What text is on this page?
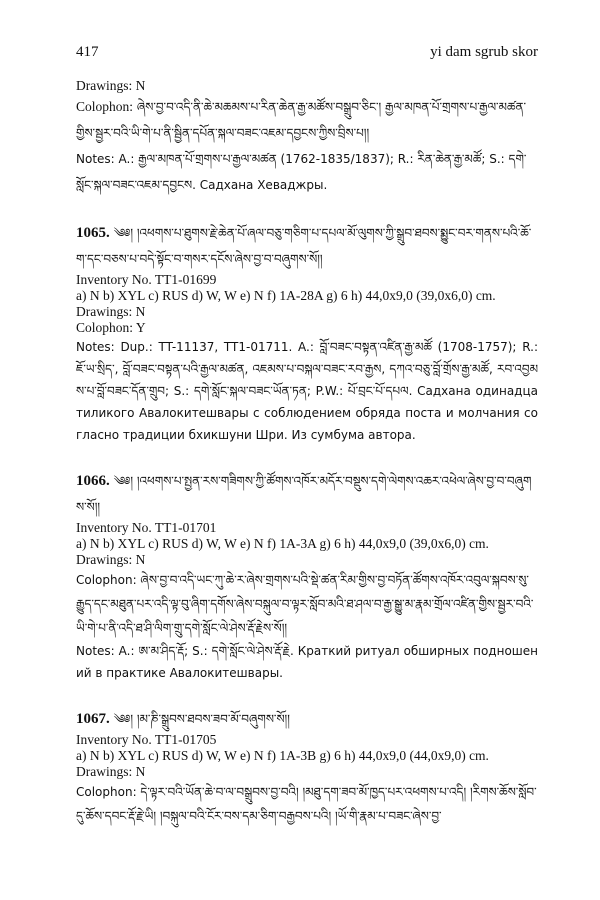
417	yi dam sgrub skor

Drawings: N

Colophon: ཞེས་བྱ་བ་འདི་ནི་ཆེ་མཆམས་པ་རིན་ཆེན་རྒྱ་མཚོས་བསྒྲུབ་ཅིང༌། རྒྱལ་མཁན་པོ་གྲགས་པ་རྒྱལ་མཚན་གྱིས་སྦྱར་བའི་ཡི་གེ་པ་ནི་སྦྱིན་དཔོན་སྐལ་བཟང་འཇམ་དབྱངས་ཀྱིས་བྲིས་པ།།

Notes: A.: རྒྱལ་མཁན་པོ་གྲགས་པ་རྒྱལ་མཚན (1762-1835/1837); R.: རིན་ཆེན་རྒྱ་མཚོ; S.: དགེ་

སློང་སྐལ་བཟང་འཇམ་དབྱངས. Садхана Хеваджры.

1065. ༄༅། །འཕགས་པ་ཐུགས་རྗེ་ཆེན་པོ་ཞལ་བཅུ་གཅིག་པ་དཔལ་མོ་ལུགས་ཀྱི་སྒྲུབ་ཐབས་སྨྱུང་བར་གནས་པའི་ཆོ་ག་དང་བཅས་པ་བདེ་སྟོང་བ་གསར་དངོས་ཞེས་བྱ་བ་བཞུགས་སོ།།

Inventory No. TT1-01699

a) N b) XYL c) RUS d) W, W e) N f) 1A-28A g) 6 h) 44,0x9,0 (39,0x6,0) cm.

Drawings: N

Colophon: Y

Notes: Dup.: TT-11137, TT1-01711. A.: བློ་བཟང་བསྟན་འཛིན་རྒྱ་མཚོ (1708-1757); R.: ཇོ་ཡ་སྲིད་, བློ་བཟང་བསྟན་པའི་རྒྱལ་མཚན, འཇམས་པ་བསྐལ་བཟང་རབ་རྒྱས, དཀའ་བཅུ་བློ་གྲོས་རྒྱ་མཚོ, རབ་འབྱམས་པ་བློ་བཟང་དོན་གྲུབ; S.: དགེ་སློང་སྐལ་བཟང་ཡོན་ཏན; P.W.: པོ་བྲང་པོ་དཔལ. Садхана одинадцатиликого Авалокитешвары с соблюдением обряда поста и молчания согласно традиции бхикшуни Шри. Из сумбума автора.

1066. ༄༅། །འཕགས་པ་སྤྱན་རས་གཟིགས་ཀྱི་ཚོགས་འཁོར་མདོར་བསྡུས་དགེ་ལེགས་འཆར་འཕེལ་ཞེས་བྱ་བ་བཞུགས་སོ།།

Inventory No. TT1-01701

a) N b) XYL c) RUS d) W, W e) N f) 1A-3A g) 6 h) 44,0x9,0 (39,0x6,0) cm.

Drawings: N

Colophon: ཞེས་བྱ་བ་འདི་ཡང་ཀུ་ཆེ་ར་ཞེས་གྲགས་པའི་སྡེ་ཚན་རིམ་གྱིས་བྱ་བཏོན་ཚོགས་འཁོར་འབུལ་སྐབས་སུ་རྒྱུད་དང་མཐུན་པར་འདི་ལྟ་བུ་ཞིག་དགོས་ཞེས་བསྐུལ་བ་ལྟར་སློབ་མའི་ཐ་ཤལ་བ་རྒྱ་སྒྱུ་མ་རྣམ་གྲོལ་འཛིན་གྱིས་སྦྱར་བའི་ཡི་གེ་པ་ནི་འདི་ཐ་ཤི་ལིག་གྲུ་དགེ་སློང་ལེ་ཤེས་རྡོ་རྗེས་སོ།།

Notes: A.: ཨ་མ་ཤིད་རྡོ; S.: དགེ་སློང་ལེ་ཤེས་རྡོ་རྗེ. Краткий ритуал обширных подношений в практике Авалокитешвары.

1067. ༄༅། །མ་ཎི་སྒྲུབས་ཐབས་ཟབ་མོ་བཞུགས་སོ།།

Inventory No. TT1-01705

a) N b) XYL c) RUS d) W, W e) N f) 1A-3B g) 6 h) 44,0x9,0 (44,0x9,0) cm.

Drawings: N

Colophon: དེ་ལྟར་བའི་ཡོན་ཆེ་བ་ལ་བསྒྲུབས་བྱ་བའི། །མཐུ་དག་ཟབ་མོ་ཁྱད་པར་འཕགས་པ་འདི། །རིགས་ཆོས་སློབ་དུ་ཆོས་དབང་རྡོ་རྗེ་ཡི། །བསྐུལ་བའི་ངོར་བས་དམ་ཅིག་བརྒྱབས་པའི། །ཡོ་གི་རྣམ་པ་བཟང་ཞེས་བྱ་
